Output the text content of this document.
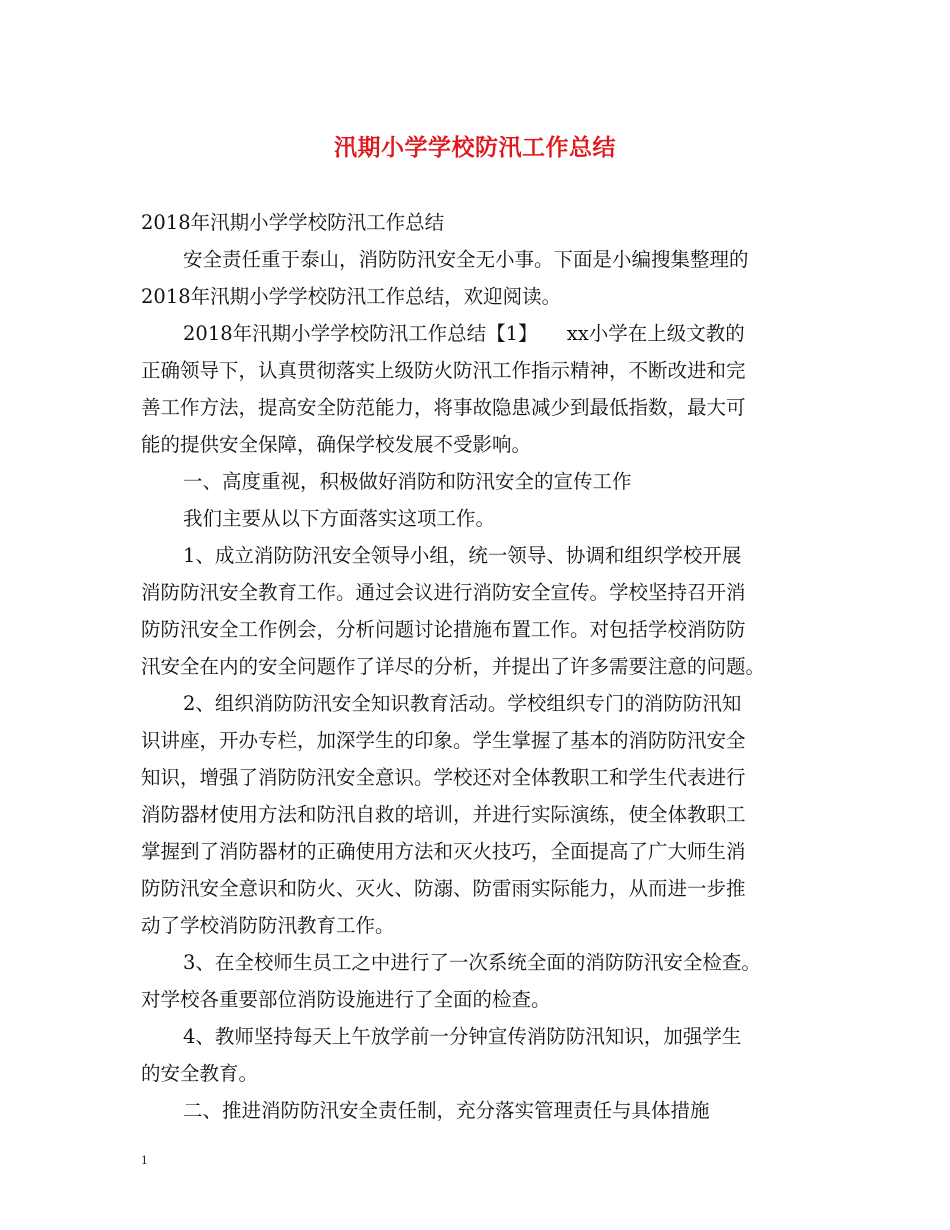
汛期小学学校防汛工作总结
2018年汛期小学学校防汛工作总结
安全责任重于泰山，消防防汛安全无小事。下面是小编搜集整理的
2018年汛期小学学校防汛工作总结，欢迎阅读。
2018年汛期小学学校防汛工作总结【1】　　xx小学在上级文教的
正确领导下，认真贯彻落实上级防火防汛工作指示精神，不断改进和完
善工作方法，提高安全防范能力，将事故隐患减少到最低指数，最大可
能的提供安全保障，确保学校发展不受影响。
一、高度重视，积极做好消防和防汛安全的宣传工作
我们主要从以下方面落实这项工作。
1、成立消防防汛安全领导小组，统一领导、协调和组织学校开展
消防防汛安全教育工作。通过会议进行消防安全宣传。学校坚持召开消
防防汛安全工作例会，分析问题讨论措施布置工作。对包括学校消防防
汛安全在内的安全问题作了详尽的分析，并提出了许多需要注意的问题。
2、组织消防防汛安全知识教育活动。学校组织专门的消防防汛知
识讲座，开办专栏，加深学生的印象。学生掌握了基本的消防防汛安全
知识，增强了消防防汛安全意识。学校还对全体教职工和学生代表进行
消防器材使用方法和防汛自救的培训，并进行实际演练，使全体教职工
掌握到了消防器材的正确使用方法和灭火技巧，全面提高了广大师生消
防防汛安全意识和防火、灭火、防溺、防雷雨实际能力，从而进一步推
动了学校消防防汛教育工作。
3、在全校师生员工之中进行了一次系统全面的消防防汛安全检查。
对学校各重要部位消防设施进行了全面的检查。
4、教师坚持每天上午放学前一分钟宣传消防防汛知识，加强学生
的安全教育。
二、推进消防防汛安全责任制，充分落实管理责任与具体措施
1
